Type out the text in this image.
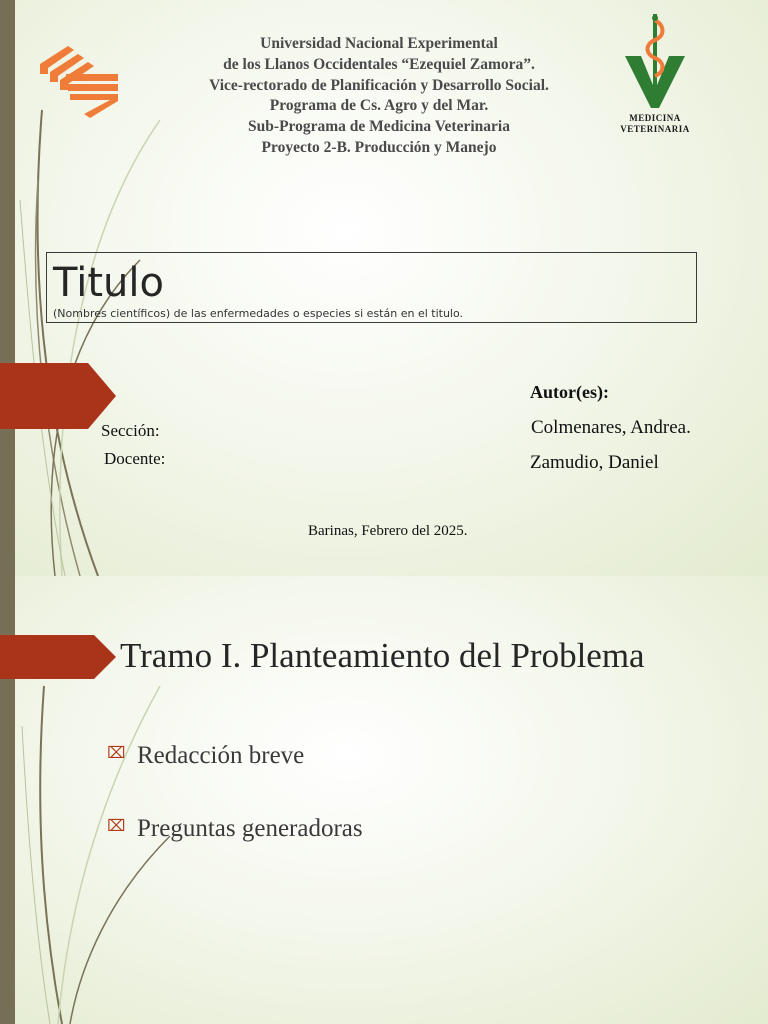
Universidad Nacional Experimental
de los Llanos Occidentales “Ezequiel Zamora”.
Vice-rectorado de Planificación y Desarrollo Social.
Programa de Cs. Agro y del Mar.
Sub-Programa de Medicina Veterinaria
Proyecto 2-B. Producción y Manejo
MEDICINA
VETERINARIA
Titulo
(Nombres científicos) de las enfermedades o especies si están en el titulo.
Autor(es):
Colmenares, Andrea.
Zamudio, Daniel
Sección:
Docente:
Barinas, Febrero del 2025.
Tramo I. Planteamiento del Problema
⌧ Redacción breve
⌧ Preguntas generadoras
